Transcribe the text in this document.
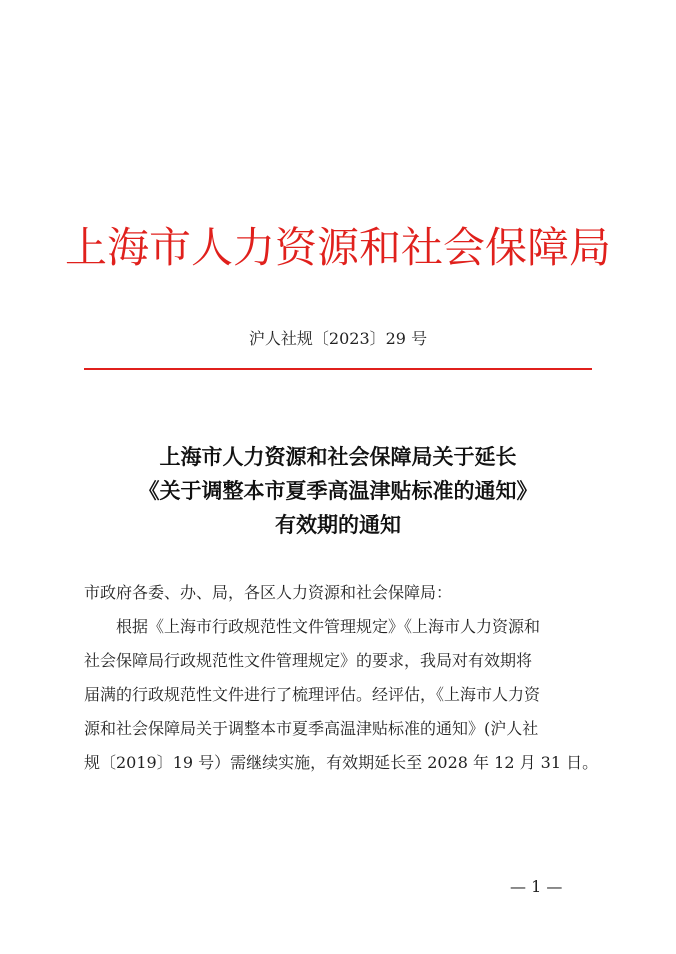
上海市人力资源和社会保障局
沪人社规〔2023〕29 号
上海市人力资源和社会保障局关于延长
《关于调整本市夏季高温津贴标准的通知》
有效期的通知
市政府各委、办、局，各区人力资源和社会保障局：
根据《上海市行政规范性文件管理规定》《上海市人力资源和
社会保障局行政规范性文件管理规定》的要求，我局对有效期将
届满的行政规范性文件进行了梳理评估。经评估，《上海市人力资
源和社会保障局关于调整本市夏季高温津贴标准的通知》(沪人社
规〔2019〕19 号）需继续实施，有效期延长至 2028 年 12 月 31 日。
— 1 —
